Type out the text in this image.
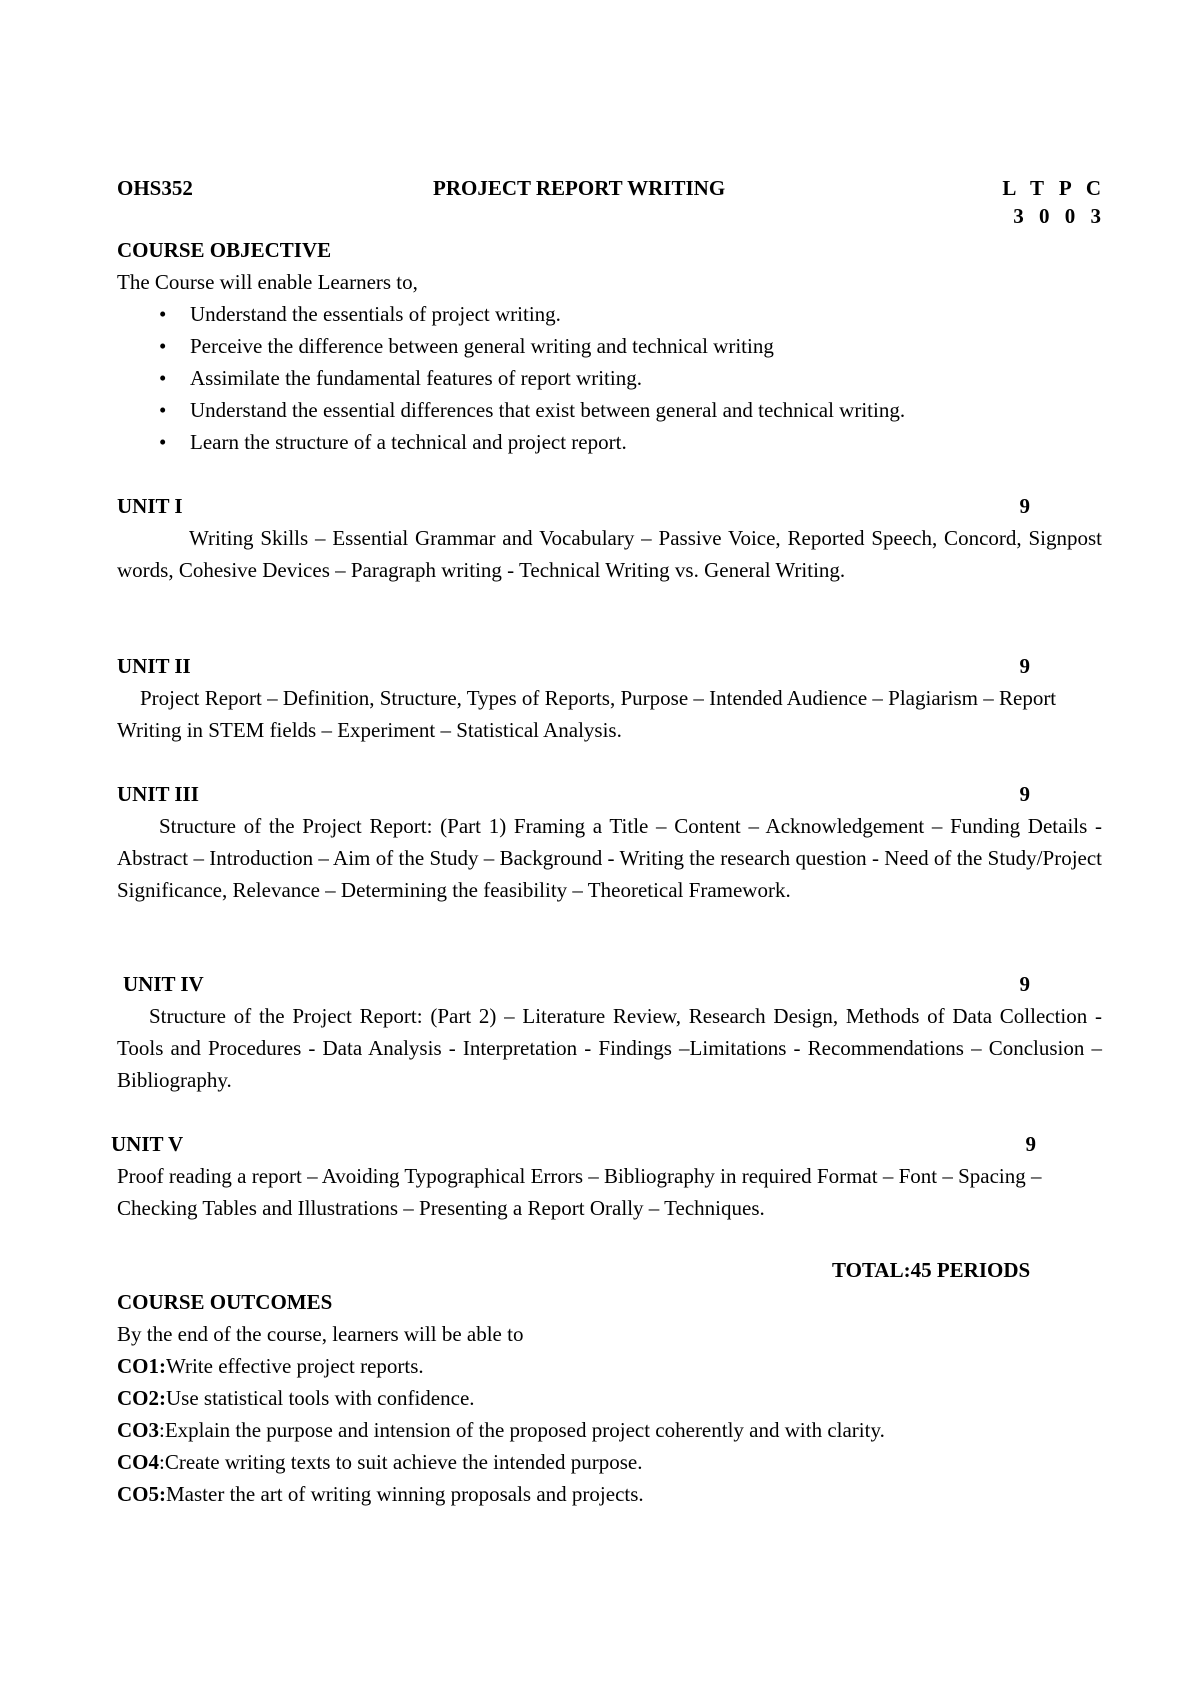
OHS352	PROJECT REPORT WRITING	L T P C
3 0 0 3
COURSE OBJECTIVE
The Course will enable Learners to,
• Understand the essentials of project writing.
• Perceive the difference between general writing and technical writing
• Assimilate the fundamental features of report writing.
• Understand the essential differences that exist between general and technical writing.
• Learn the structure of a technical and project report.
UNIT I	9
Writing Skills – Essential Grammar and Vocabulary – Passive Voice, Reported Speech, Concord, Signpost words, Cohesive Devices – Paragraph writing - Technical Writing vs. General Writing.
UNIT II	9
Project Report – Definition, Structure, Types of Reports, Purpose – Intended Audience – Plagiarism – Report Writing in STEM fields – Experiment – Statistical Analysis.
UNIT III	9
Structure of the Project Report: (Part 1) Framing a Title – Content – Acknowledgement – Funding Details -Abstract – Introduction – Aim of the Study – Background - Writing the research question - Need of the Study/Project Significance, Relevance – Determining the feasibility – Theoretical Framework.
UNIT IV	9
Structure of the Project Report: (Part 2) – Literature Review, Research Design, Methods of Data Collection - Tools and Procedures - Data Analysis - Interpretation - Findings –Limitations - Recommendations – Conclusion – Bibliography.
UNIT V	9
Proof reading a report – Avoiding Typographical Errors – Bibliography in required Format – Font – Spacing – Checking Tables and Illustrations – Presenting a Report Orally – Techniques.
TOTAL:45 PERIODS
COURSE OUTCOMES
By the end of the course, learners will be able to
CO1:Write effective project reports.
CO2:Use statistical tools with confidence.
CO3:Explain the purpose and intension of the proposed project coherently and with clarity.
CO4:Create writing texts to suit achieve the intended purpose.
CO5:Master the art of writing winning proposals and projects.
